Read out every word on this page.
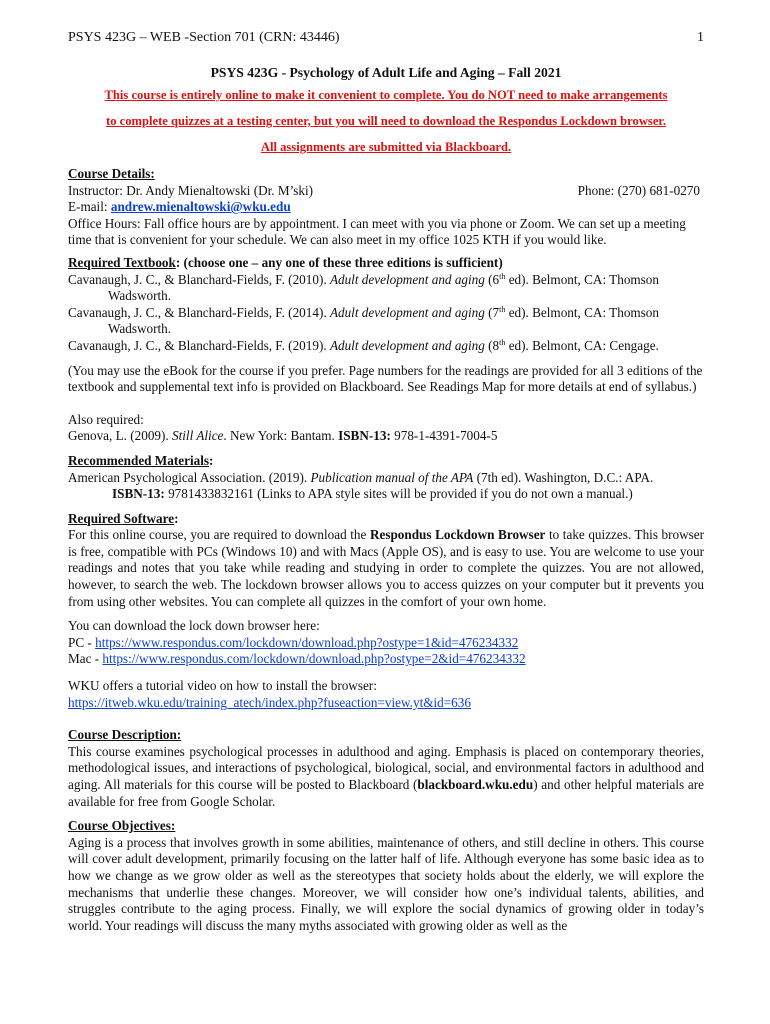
PSYS 423G – WEB -Section 701 (CRN: 43446)	1
PSYS 423G - Psychology of Adult Life and Aging – Fall 2021

This course is entirely online to make it convenient to complete. You do NOT need to make arrangements

to complete quizzes at a testing center, but you will need to download the Respondus Lockdown browser.

All assignments are submitted via Blackboard.

Course Details:

Instructor: Dr. Andy Mienaltowski (Dr. M’ski)	Phone: (270) 681-0270

E-mail: andrew.mienaltowski@wku.edu

Office Hours: Fall office hours are by appointment. I can meet with you via phone or Zoom. We can set up a meeting time that is convenient for your schedule. We can also meet in my office 1025 KTH if you would like.

Required Textbook: (choose one – any one of these three editions is sufficient)

Cavanaugh, J. C., & Blanchard-Fields, F. (2010). Adult development and aging (6th ed). Belmont, CA: Thomson Wadsworth.

Cavanaugh, J. C., & Blanchard-Fields, F. (2014). Adult development and aging (7th ed). Belmont, CA: Thomson Wadsworth.

Cavanaugh, J. C., & Blanchard-Fields, F. (2019). Adult development and aging (8th ed). Belmont, CA: Cengage.

(You may use the eBook for the course if you prefer. Page numbers for the readings are provided for all 3 editions of the textbook and supplemental text info is provided on Blackboard. See Readings Map for more details at end of syllabus.)

Also required:

Genova, L. (2009). Still Alice. New York: Bantam. ISBN-13: 978-1-4391-7004-5

Recommended Materials:

American Psychological Association. (2019). Publication manual of the APA (7th ed). Washington, D.C.: APA.

ISBN-13: 9781433832161 (Links to APA style sites will be provided if you do not own a manual.)

Required Software:

For this online course, you are required to download the Respondus Lockdown Browser to take quizzes. This browser is free, compatible with PCs (Windows 10) and with Macs (Apple OS), and is easy to use. You are welcome to use your readings and notes that you take while reading and studying in order to complete the quizzes. You are not allowed, however, to search the web. The lockdown browser allows you to access quizzes on your computer but it prevents you from using other websites. You can complete all quizzes in the comfort of your own home.

You can download the lock down browser here:

PC - https://www.respondus.com/lockdown/download.php?ostype=1&id=476234332

Mac - https://www.respondus.com/lockdown/download.php?ostype=2&id=476234332

WKU offers a tutorial video on how to install the browser:

https://itweb.wku.edu/training_atech/index.php?fuseaction=view.yt&id=636

Course Description:

This course examines psychological processes in adulthood and aging. Emphasis is placed on contemporary theories, methodological issues, and interactions of psychological, biological, social, and environmental factors in adulthood and aging. All materials for this course will be posted to Blackboard (blackboard.wku.edu) and other helpful materials are available for free from Google Scholar.

Course Objectives:

Aging is a process that involves growth in some abilities, maintenance of others, and still decline in others. This course will cover adult development, primarily focusing on the latter half of life. Although everyone has some basic idea as to how we change as we grow older as well as the stereotypes that society holds about the elderly, we will explore the mechanisms that underlie these changes. Moreover, we will consider how one’s individual talents, abilities, and struggles contribute to the aging process. Finally, we will explore the social dynamics of growing older in today’s world. Your readings will discuss the many myths associated with growing older as well as the
